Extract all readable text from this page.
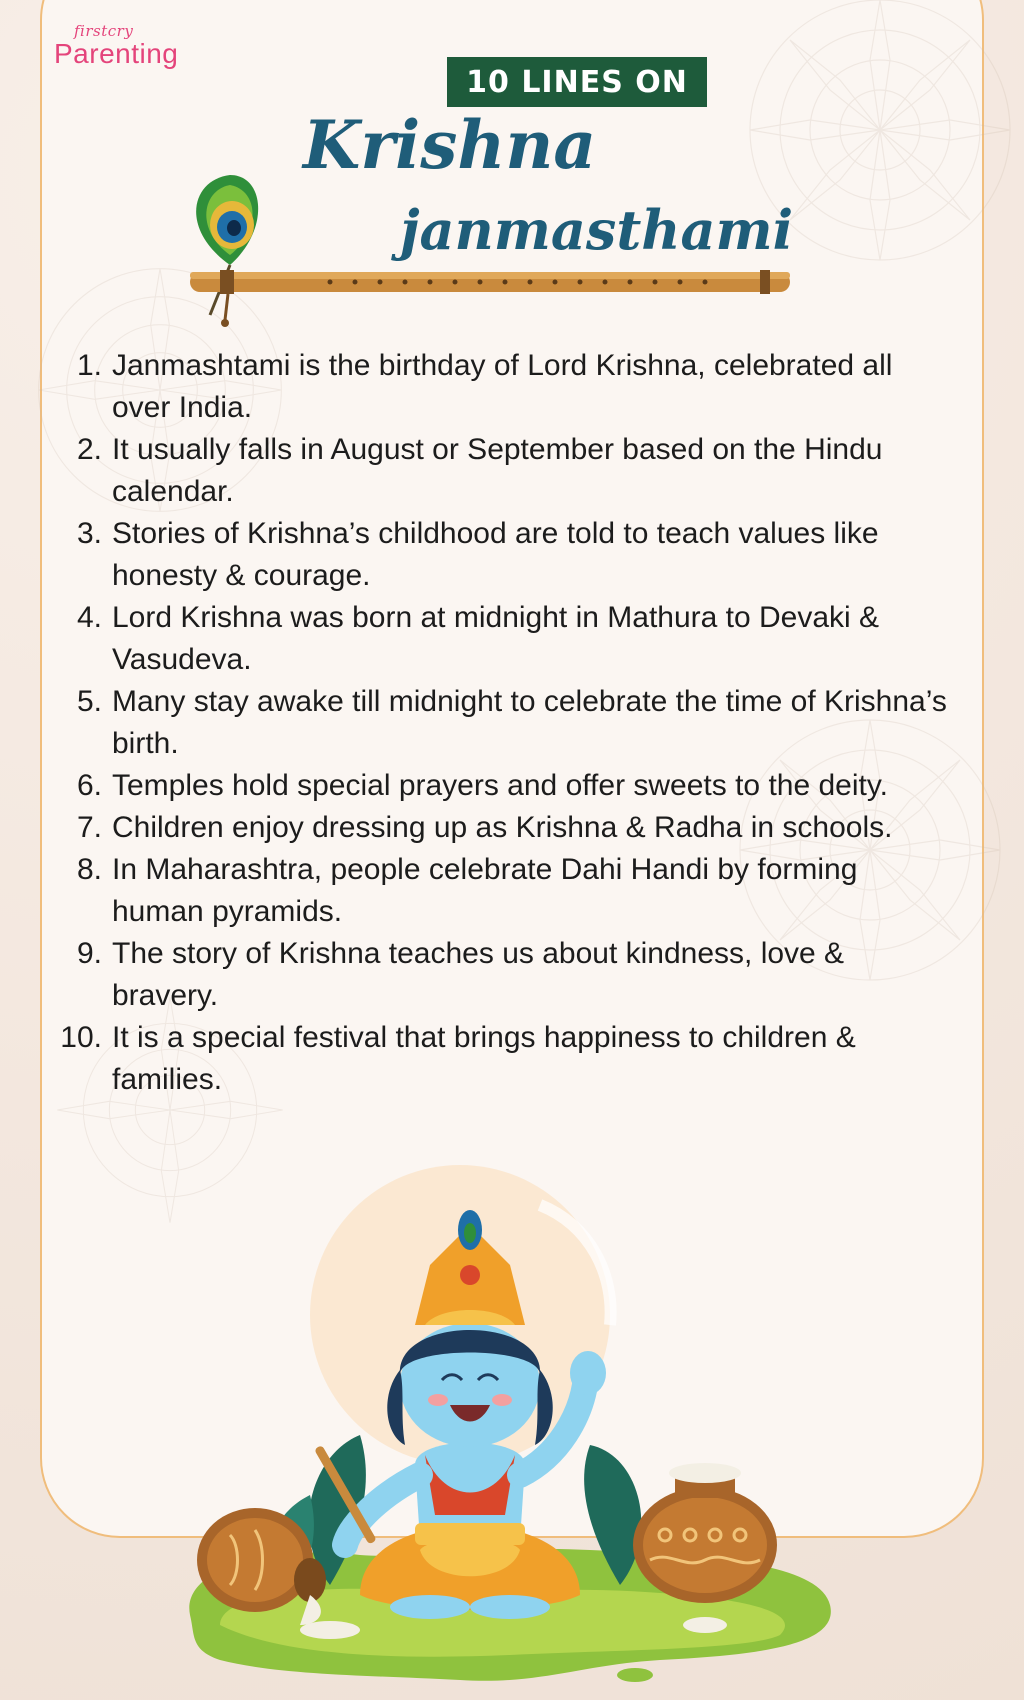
firstcry
Parenting
10 LINES ON
Krishna
janmasthami
1. Janmashtami is the birthday of Lord Krishna, celebrated all over India.
2. It usually falls in August or September based on the Hindu calendar.
3. Stories of Krishna’s childhood are told to teach values like honesty & courage.
4. Lord Krishna was born at midnight in Mathura to Devaki & Vasudeva.
5. Many stay awake till midnight to celebrate the time of Krishna’s birth.
6. Temples hold special prayers and offer sweets to the deity.
7. Children enjoy dressing up as Krishna & Radha in schools.
8. In Maharashtra, people celebrate Dahi Handi by forming human pyramids.
9. The story of Krishna teaches us about kindness, love & bravery.
10. It is a special festival that brings happiness to children & families.
